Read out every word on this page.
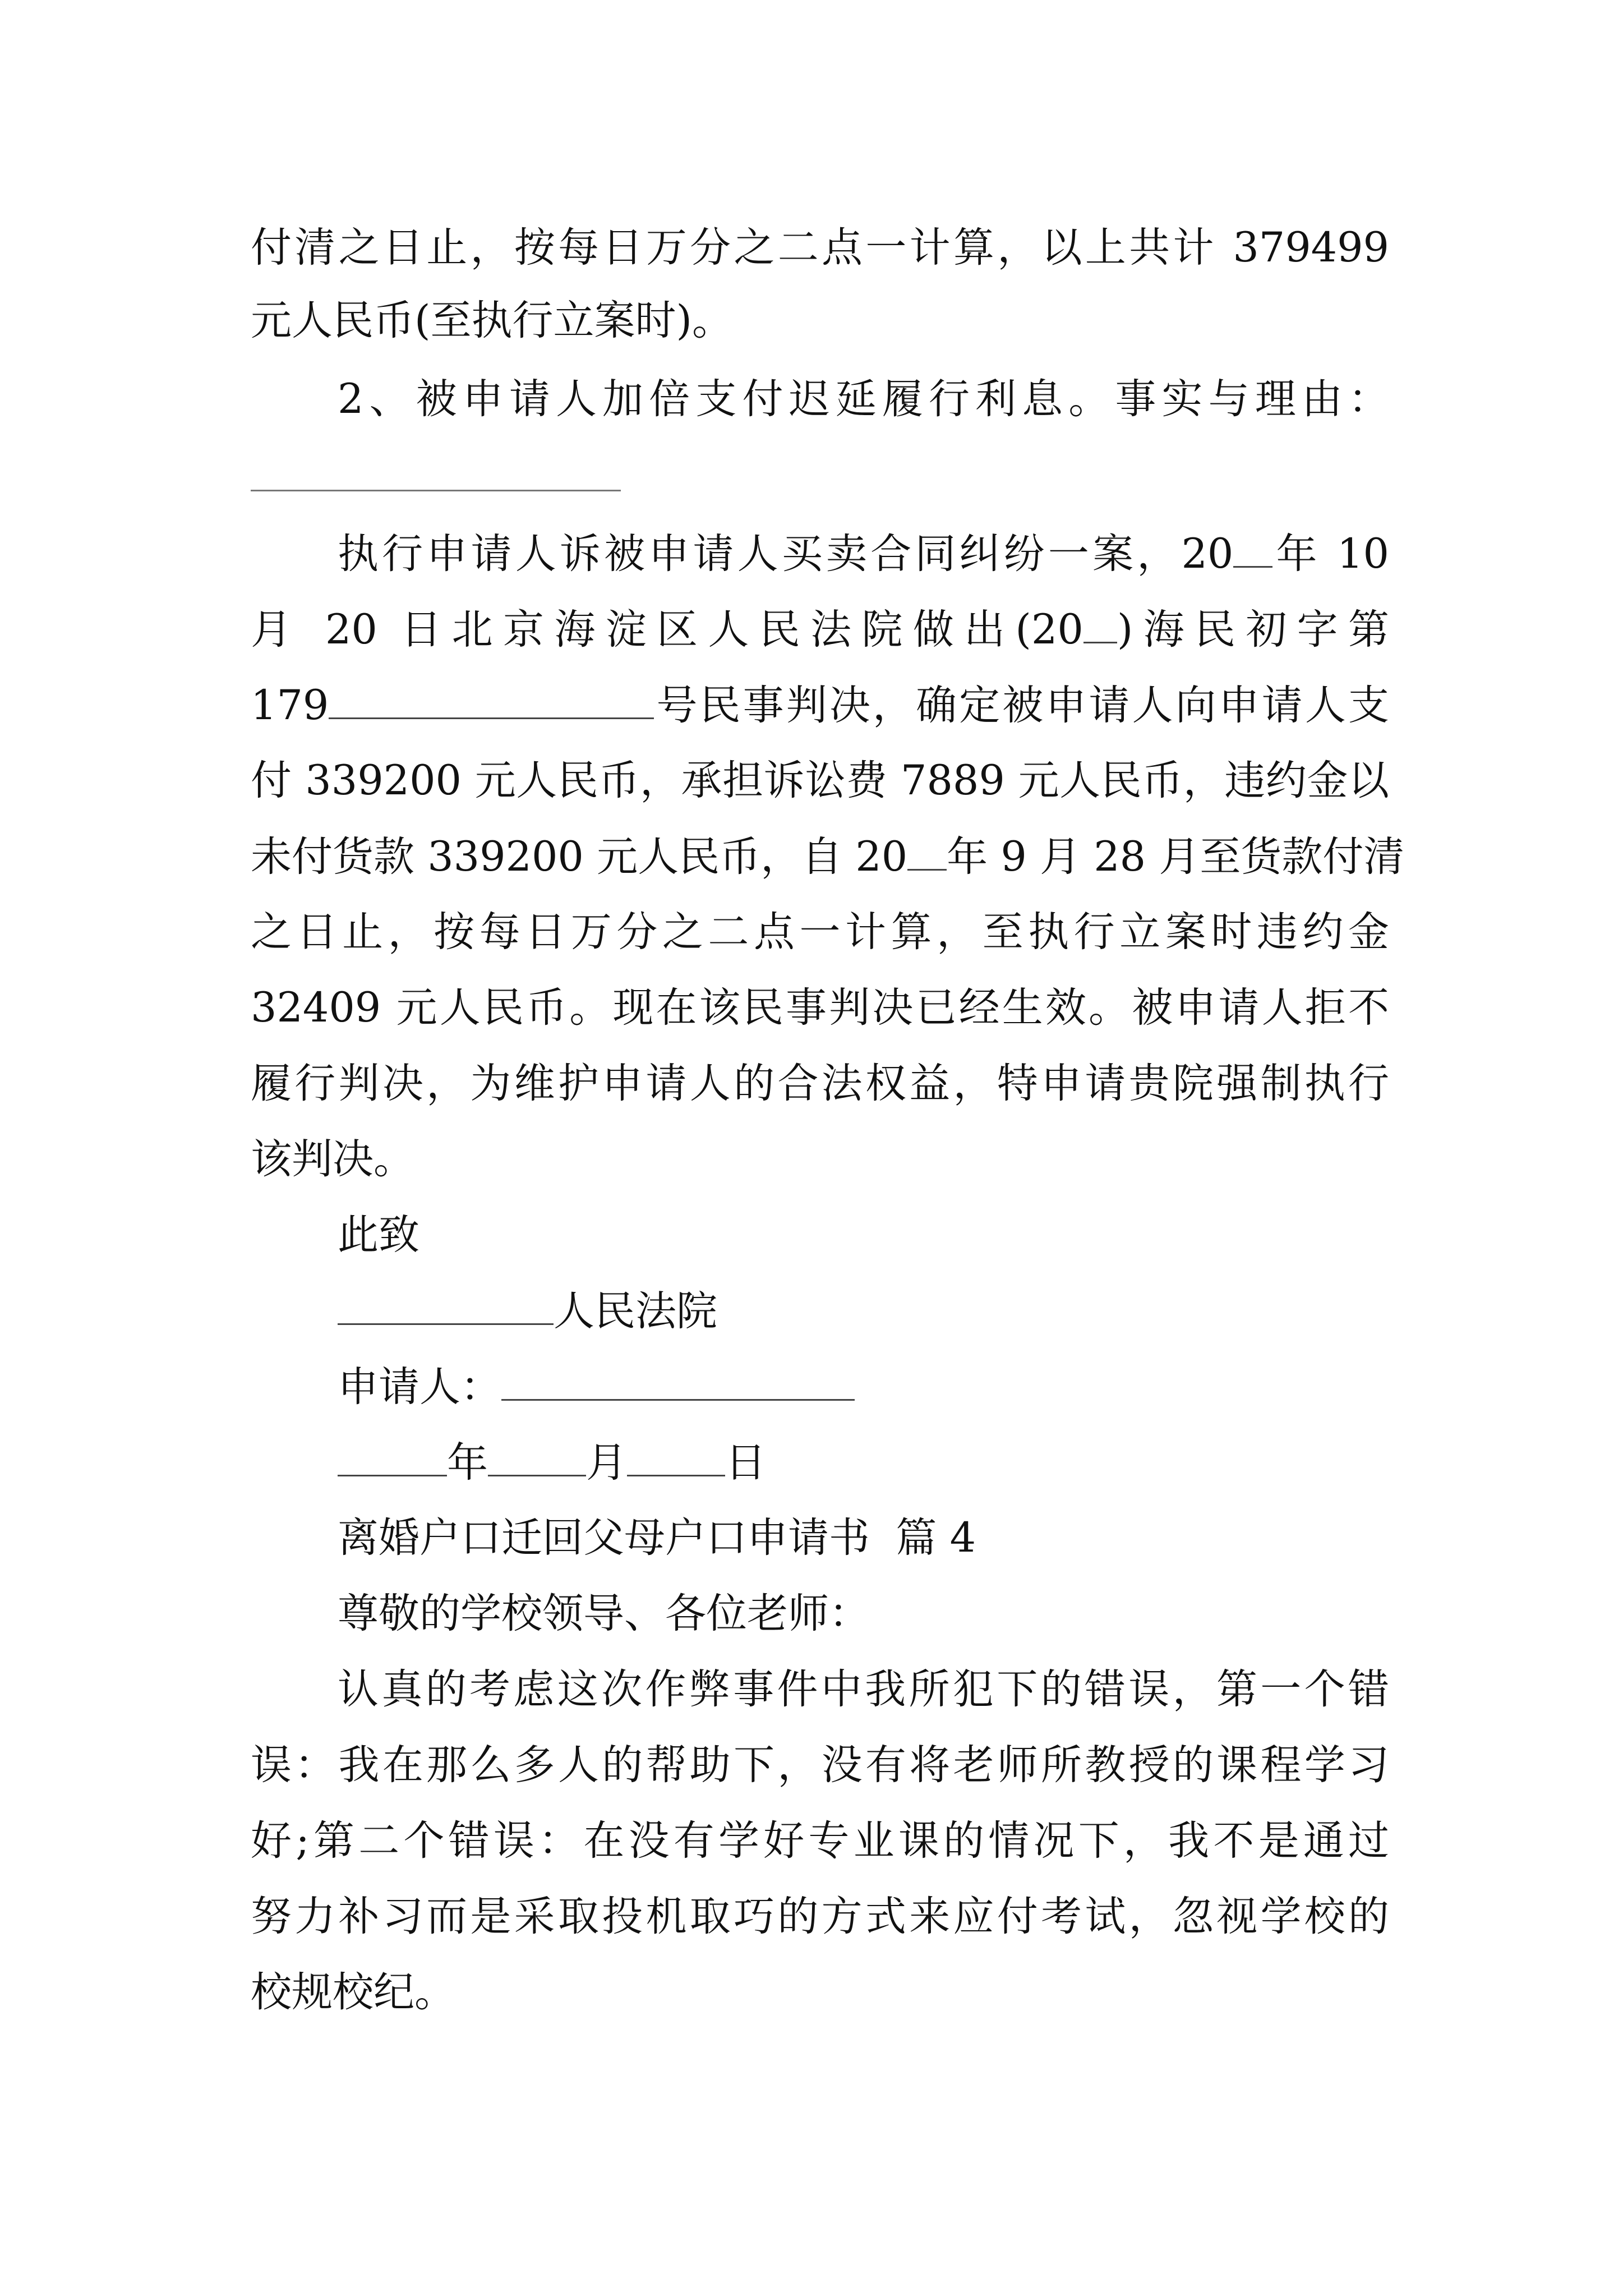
付清之日止，按每日万分之二点一计算，以上共计 379499
元人民币(至执行立案时)。
2、被申请人加倍支付迟延履行利息。事实与理由：
执行申请人诉被申请人买卖合同纠纷一案，20 年 10
月 20 日北京海淀区人民法院做出(20 )海民初字第
179	号民事判决，确定被申请人向申请人支
付 339200 元人民币，承担诉讼费 7889 元人民币，违约金以
未付货款 339200 元人民币，自 20 年 9 月 28 月至货款付清
之日止，按每日万分之二点一计算，至执行立案时违约金
32409 元人民币。现在该民事判决已经生效。被申请人拒不
履行判决，为维护申请人的合法权益，特申请贵院强制执行
该判决。
此致
人民法院
申请人：
年 月 日
离婚户口迁回父母户口申请书  篇 4
尊敬的学校领导、各位老师：
认真的考虑这次作弊事件中我所犯下的错误，第一个错
误：我在那么多人的帮助下，没有将老师所教授的课程学习
好;第二个错误：在没有学好专业课的情况下，我不是通过
努力补习而是采取投机取巧的方式来应付考试，忽视学校的
校规校纪。
